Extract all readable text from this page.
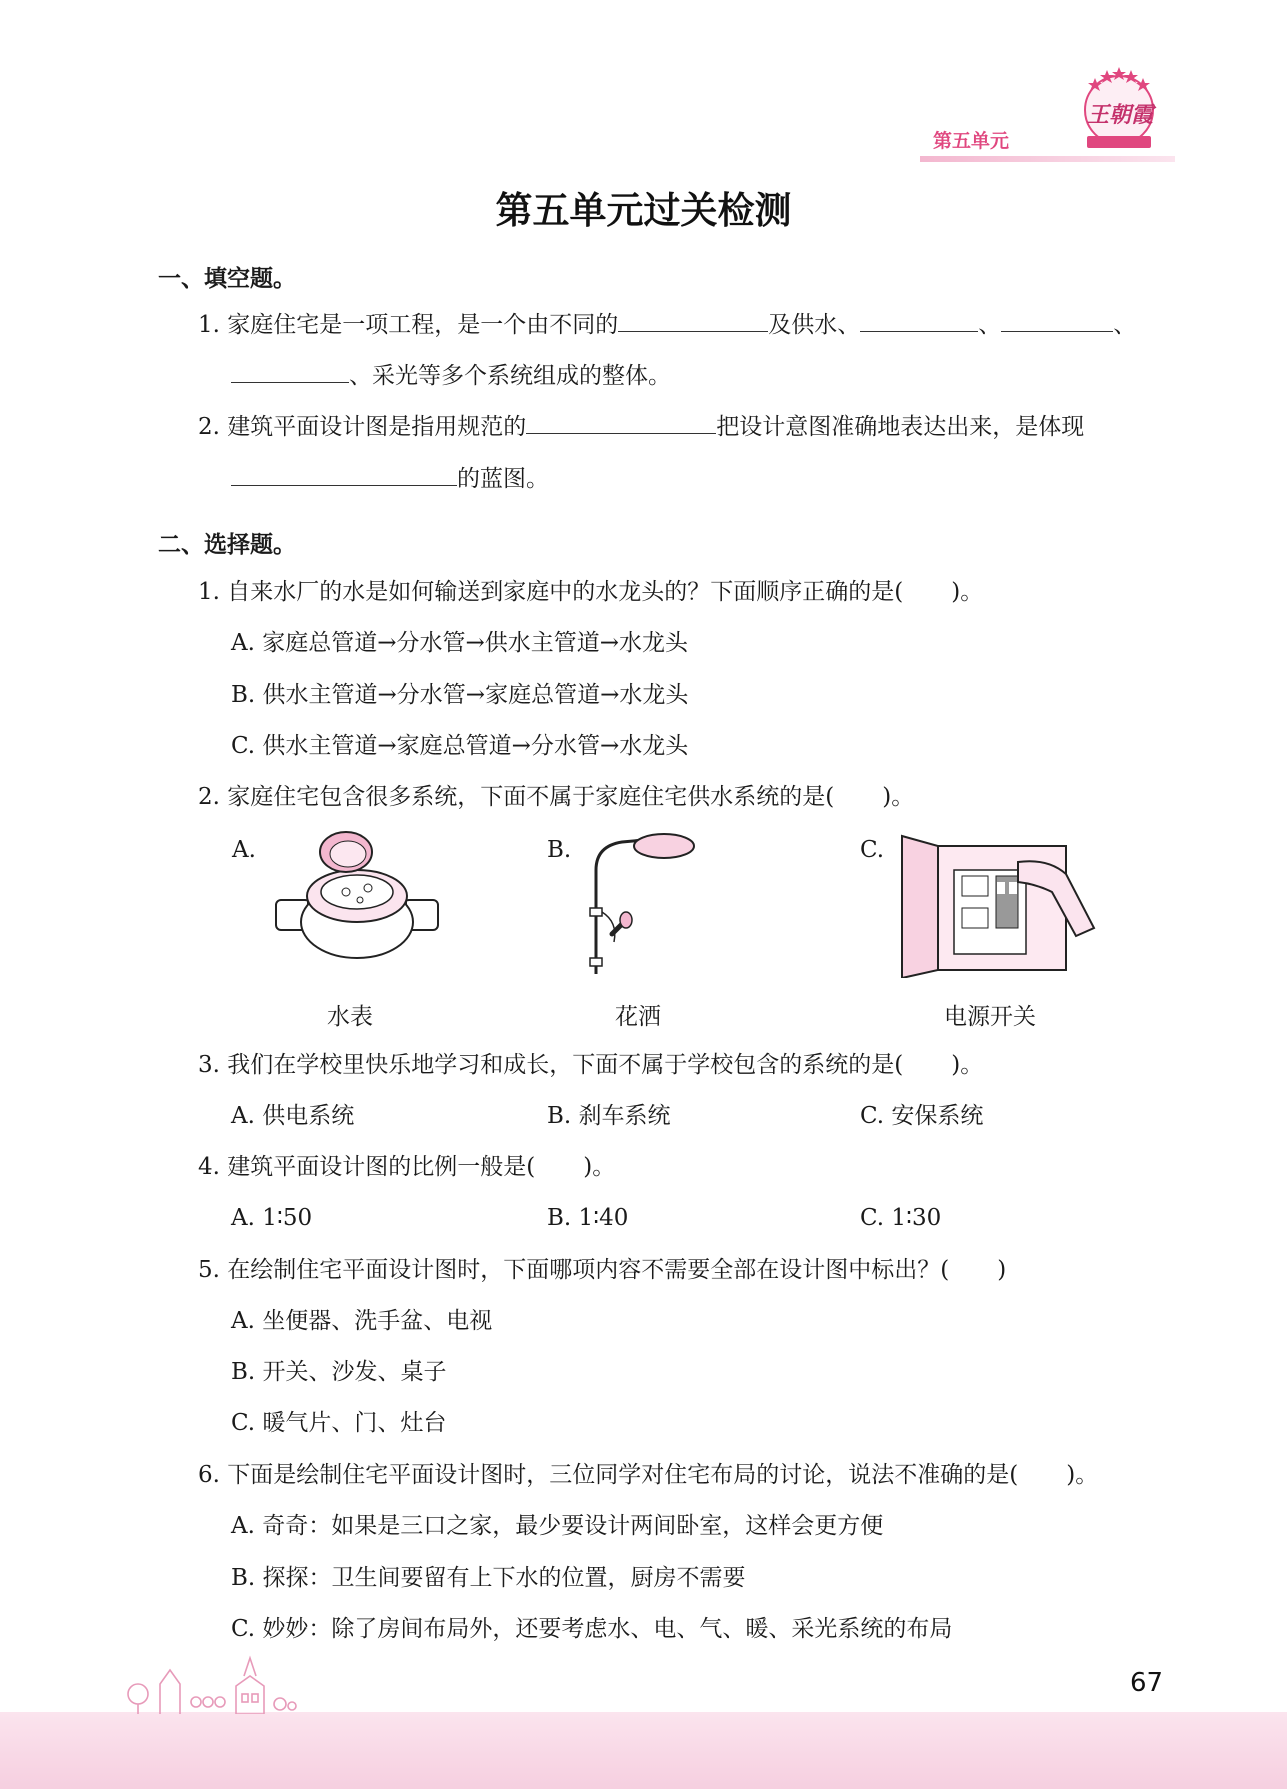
第五单元
王朝霞
第五单元过关检测
一、填空题。
1. 家庭住宅是一项工程，是一个由不同的	及供水、	、	、
、采光等多个系统组成的整体。
2. 建筑平面设计图是指用规范的	把设计意图准确地表达出来，是体现
的蓝图。
二、选择题。
1. 自来水厂的水是如何输送到家庭中的水龙头的？下面顺序正确的是( )。
A. 家庭总管道→分水管→供水主管道→水龙头
B. 供水主管道→分水管→家庭总管道→水龙头
C. 供水主管道→家庭总管道→分水管→水龙头
2. 家庭住宅包含很多系统，下面不属于家庭住宅供水系统的是( )。
A.	B.	C.
水表	花洒	电源开关
3. 我们在学校里快乐地学习和成长，下面不属于学校包含的系统的是( )。
A. 供电系统	B. 刹车系统	C. 安保系统
4. 建筑平面设计图的比例一般是( )。
A. 1∶50	B. 1∶40	C. 1∶30
5. 在绘制住宅平面设计图时，下面哪项内容不需要全部在设计图中标出？( )
A. 坐便器、洗手盆、电视
B. 开关、沙发、桌子
C. 暖气片、门、灶台
6. 下面是绘制住宅平面设计图时，三位同学对住宅布局的讨论，说法不准确的是( )。
A. 奇奇：如果是三口之家，最少要设计两间卧室，这样会更方便
B. 探探：卫生间要留有上下水的位置，厨房不需要
C. 妙妙：除了房间布局外，还要考虑水、电、气、暖、采光系统的布局
67
